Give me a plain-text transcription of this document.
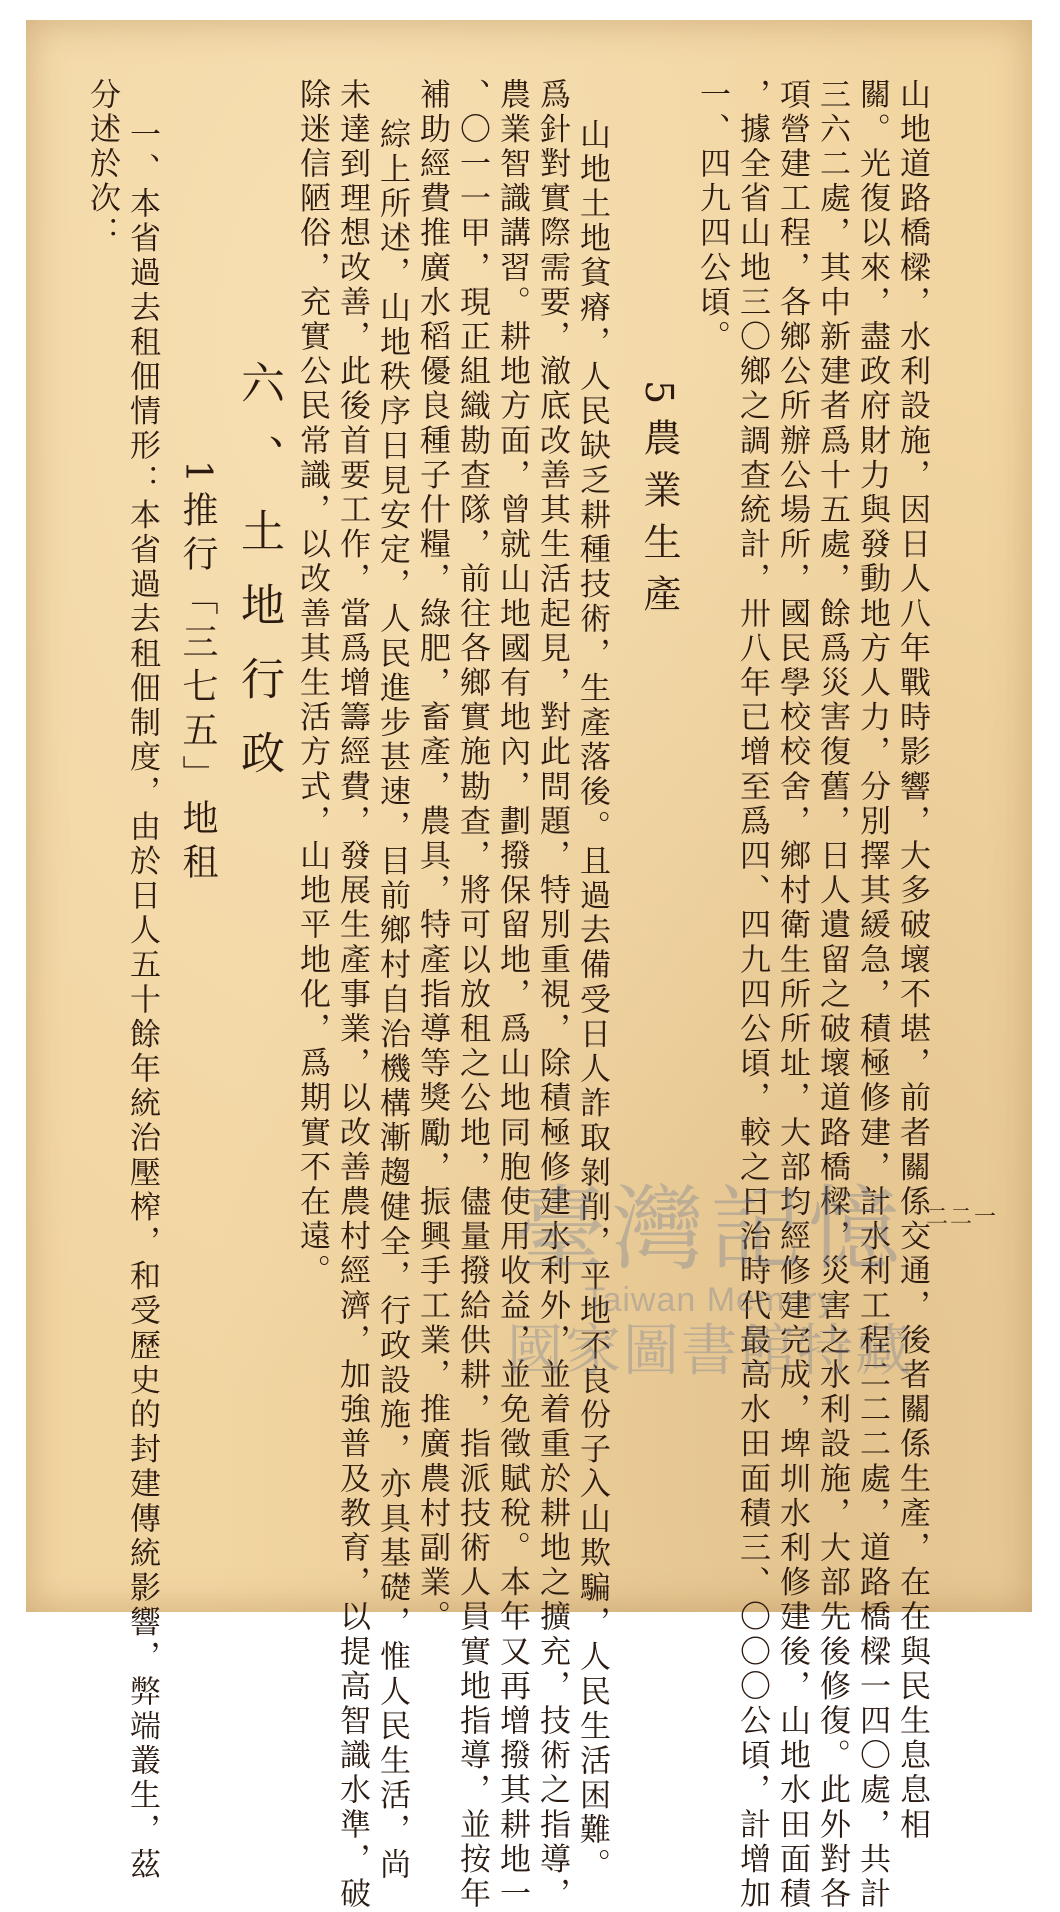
二二一
山地道路橋樑，水利設施，因日人八年戰時影響，大多破壞不堪，前者關係交通，後者關係生產，在在與民生息息相
關。光復以來，盡政府財力與發動地方人力，分別擇其緩急，積極修建，計水利工程二二二處，道路橋樑一四〇處，共計
三六二處，其中新建者爲十五處，餘爲災害復舊，日人遺留之破壞道路橋樑，災害之水利設施，大部先後修復。此外對各
項營建工程，各鄉公所辦公場所，國民學校校舍，鄉村衛生所所址，大部均經修建完成，埤圳水利修建後，山地水田面積
，據全省山地三〇鄉之調查統計，卅八年已增至爲四、四九四公頃，較之日治時代最高水田面積三、〇〇〇公頃，計增加
一、四九四公頃。
5農業生產
山地土地貧瘠，人民缺乏耕種技術，生產落後。且過去備受日人詐取剝削，平地不良份子入山欺騙，人民生活困難。
爲針對實際需要，澈底改善其生活起見，對此問題，特別重視，除積極修建水利外，並着重於耕地之擴充，技術之指導，
農業智識講習。耕地方面，曾就山地國有地內，劃撥保留地，爲山地同胞使用收益，並免徵賦稅。本年又再增撥其耕地一
、〇一一甲，現正組織勘查隊，前往各鄉實施勘查，將可以放租之公地，儘量撥給供耕，指派技術人員實地指導，並按年
補助經費推廣水稻優良種子什糧，綠肥，畜產，農具，特產指導等獎勵，振興手工業，推廣農村副業。
綜上所述，山地秩序日見安定，人民進步甚速，目前鄉村自治機構漸趨健全，行政設施，亦具基礎，惟人民生活，尚
未達到理想改善，此後首要工作，當爲增籌經費，發展生產事業，以改善農村經濟，加強普及教育，以提高智識水準，破
除迷信陋俗，充實公民常識，以改善其生活方式，山地平地化，爲期實不在遠。
六、土地行政
1推行「三七五」地租
一、本省過去租佃情形：本省過去租佃制度，由於日人五十餘年統治壓榨，和受歷史的封建傳統影響，弊端叢生，茲
分述於次：
臺灣記憶
Taiwan Memory
國家圖書館特藏
